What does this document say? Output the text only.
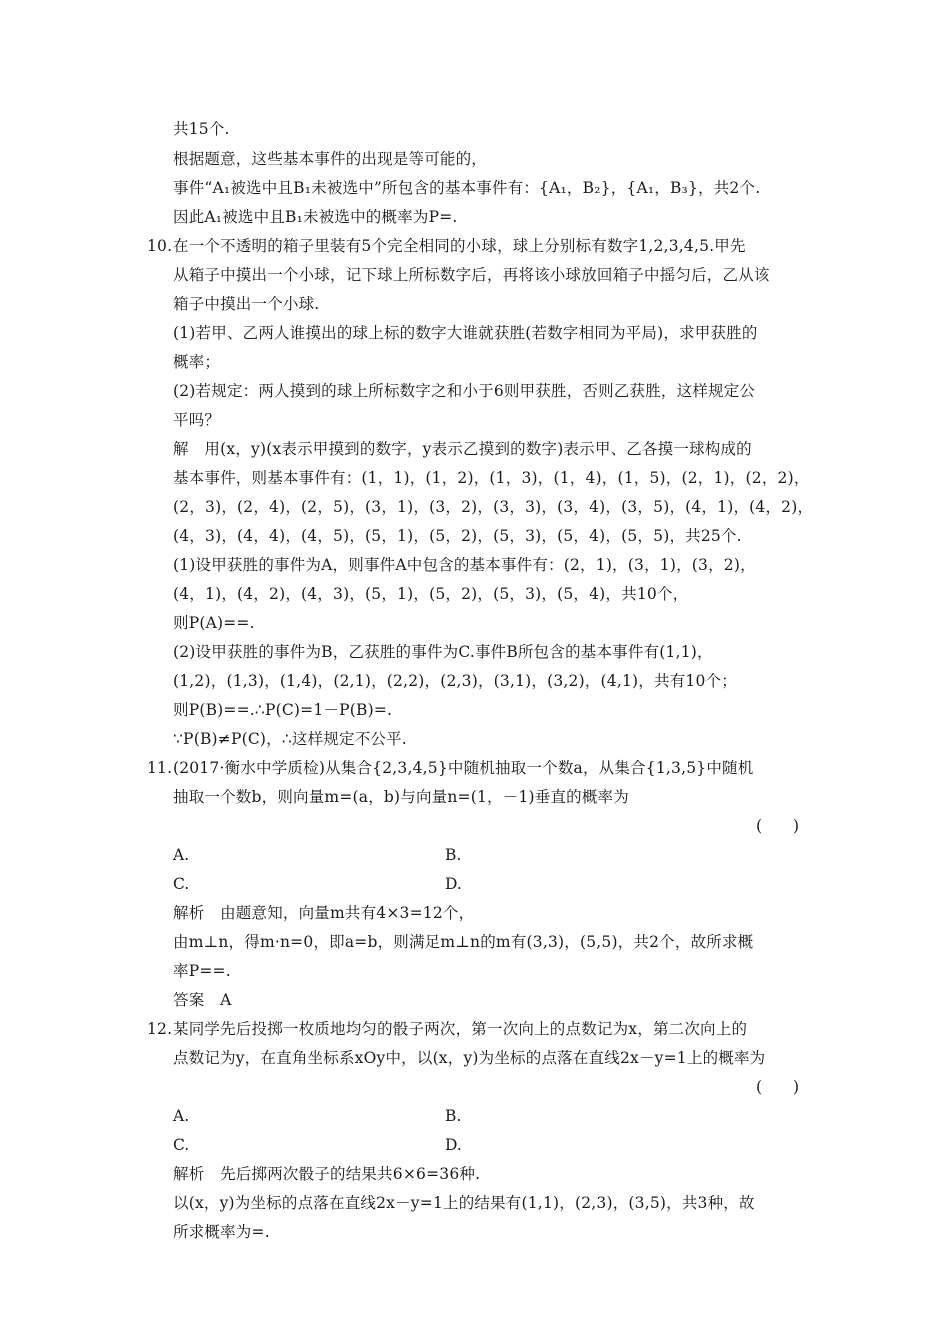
共15个.
根据题意，这些基本事件的出现是等可能的，
事件“A₁被选中且B₁未被选中”所包含的基本事件有：{A₁，B₂}，{A₁，B₃}，共2个.
因此A₁被选中且B₁未被选中的概率为P=.
10.在一个不透明的箱子里装有5个完全相同的小球，球上分别标有数字1,2,3,4,5.甲先
从箱子中摸出一个小球，记下球上所标数字后，再将该小球放回箱子中摇匀后，乙从该
箱子中摸出一个小球.
(1)若甲、乙两人谁摸出的球上标的数字大谁就获胜(若数字相同为平局)，求甲获胜的
概率；
(2)若规定：两人摸到的球上所标数字之和小于6则甲获胜，否则乙获胜，这样规定公
平吗？
解　用(x，y)(x表示甲摸到的数字，y表示乙摸到的数字)表示甲、乙各摸一球构成的
基本事件，则基本事件有：(1，1)，(1，2)，(1，3)，(1，4)，(1，5)，(2，1)，(2，2)，
(2，3)，(2，4)，(2，5)，(3，1)，(3，2)，(3，3)，(3，4)，(3，5)，(4，1)，(4，2)，
(4，3)，(4，4)，(4，5)，(5，1)，(5，2)，(5，3)，(5，4)，(5，5)，共25个.
(1)设甲获胜的事件为A，则事件A中包含的基本事件有：(2，1)，(3，1)，(3，2)，
(4，1)，(4，2)，(4，3)，(5，1)，(5，2)，(5，3)，(5，4)，共10个，
则P(A)==.
(2)设甲获胜的事件为B，乙获胜的事件为C.事件B所包含的基本事件有(1,1)，
(1,2)，(1,3)，(1,4)，(2,1)，(2,2)，(2,3)，(3,1)，(3,2)，(4,1)，共有10个；
则P(B)==.∴P(C)=1－P(B)=.
∵P(B)≠P(C)，∴这样规定不公平.
11.(2017·衡水中学质检)从集合{2,3,4,5}中随机抽取一个数a，从集合{1,3,5}中随机
抽取一个数b，则向量m=(a，b)与向量n=(1，－1)垂直的概率为
(　　)
A.	B.
C.	D.
解析　由题意知，向量m共有4×3=12个，
由m⊥n，得m·n=0，即a=b，则满足m⊥n的m有(3,3)，(5,5)，共2个，故所求概
率P==.
答案　A
12.某同学先后投掷一枚质地均匀的骰子两次，第一次向上的点数记为x，第二次向上的
点数记为y，在直角坐标系xOy中，以(x，y)为坐标的点落在直线2x－y=1上的概率为
(　　)
A.	B.
C.	D.
解析　先后掷两次骰子的结果共6×6=36种.
以(x，y)为坐标的点落在直线2x－y=1上的结果有(1,1)，(2,3)，(3,5)，共3种，故
所求概率为=.
